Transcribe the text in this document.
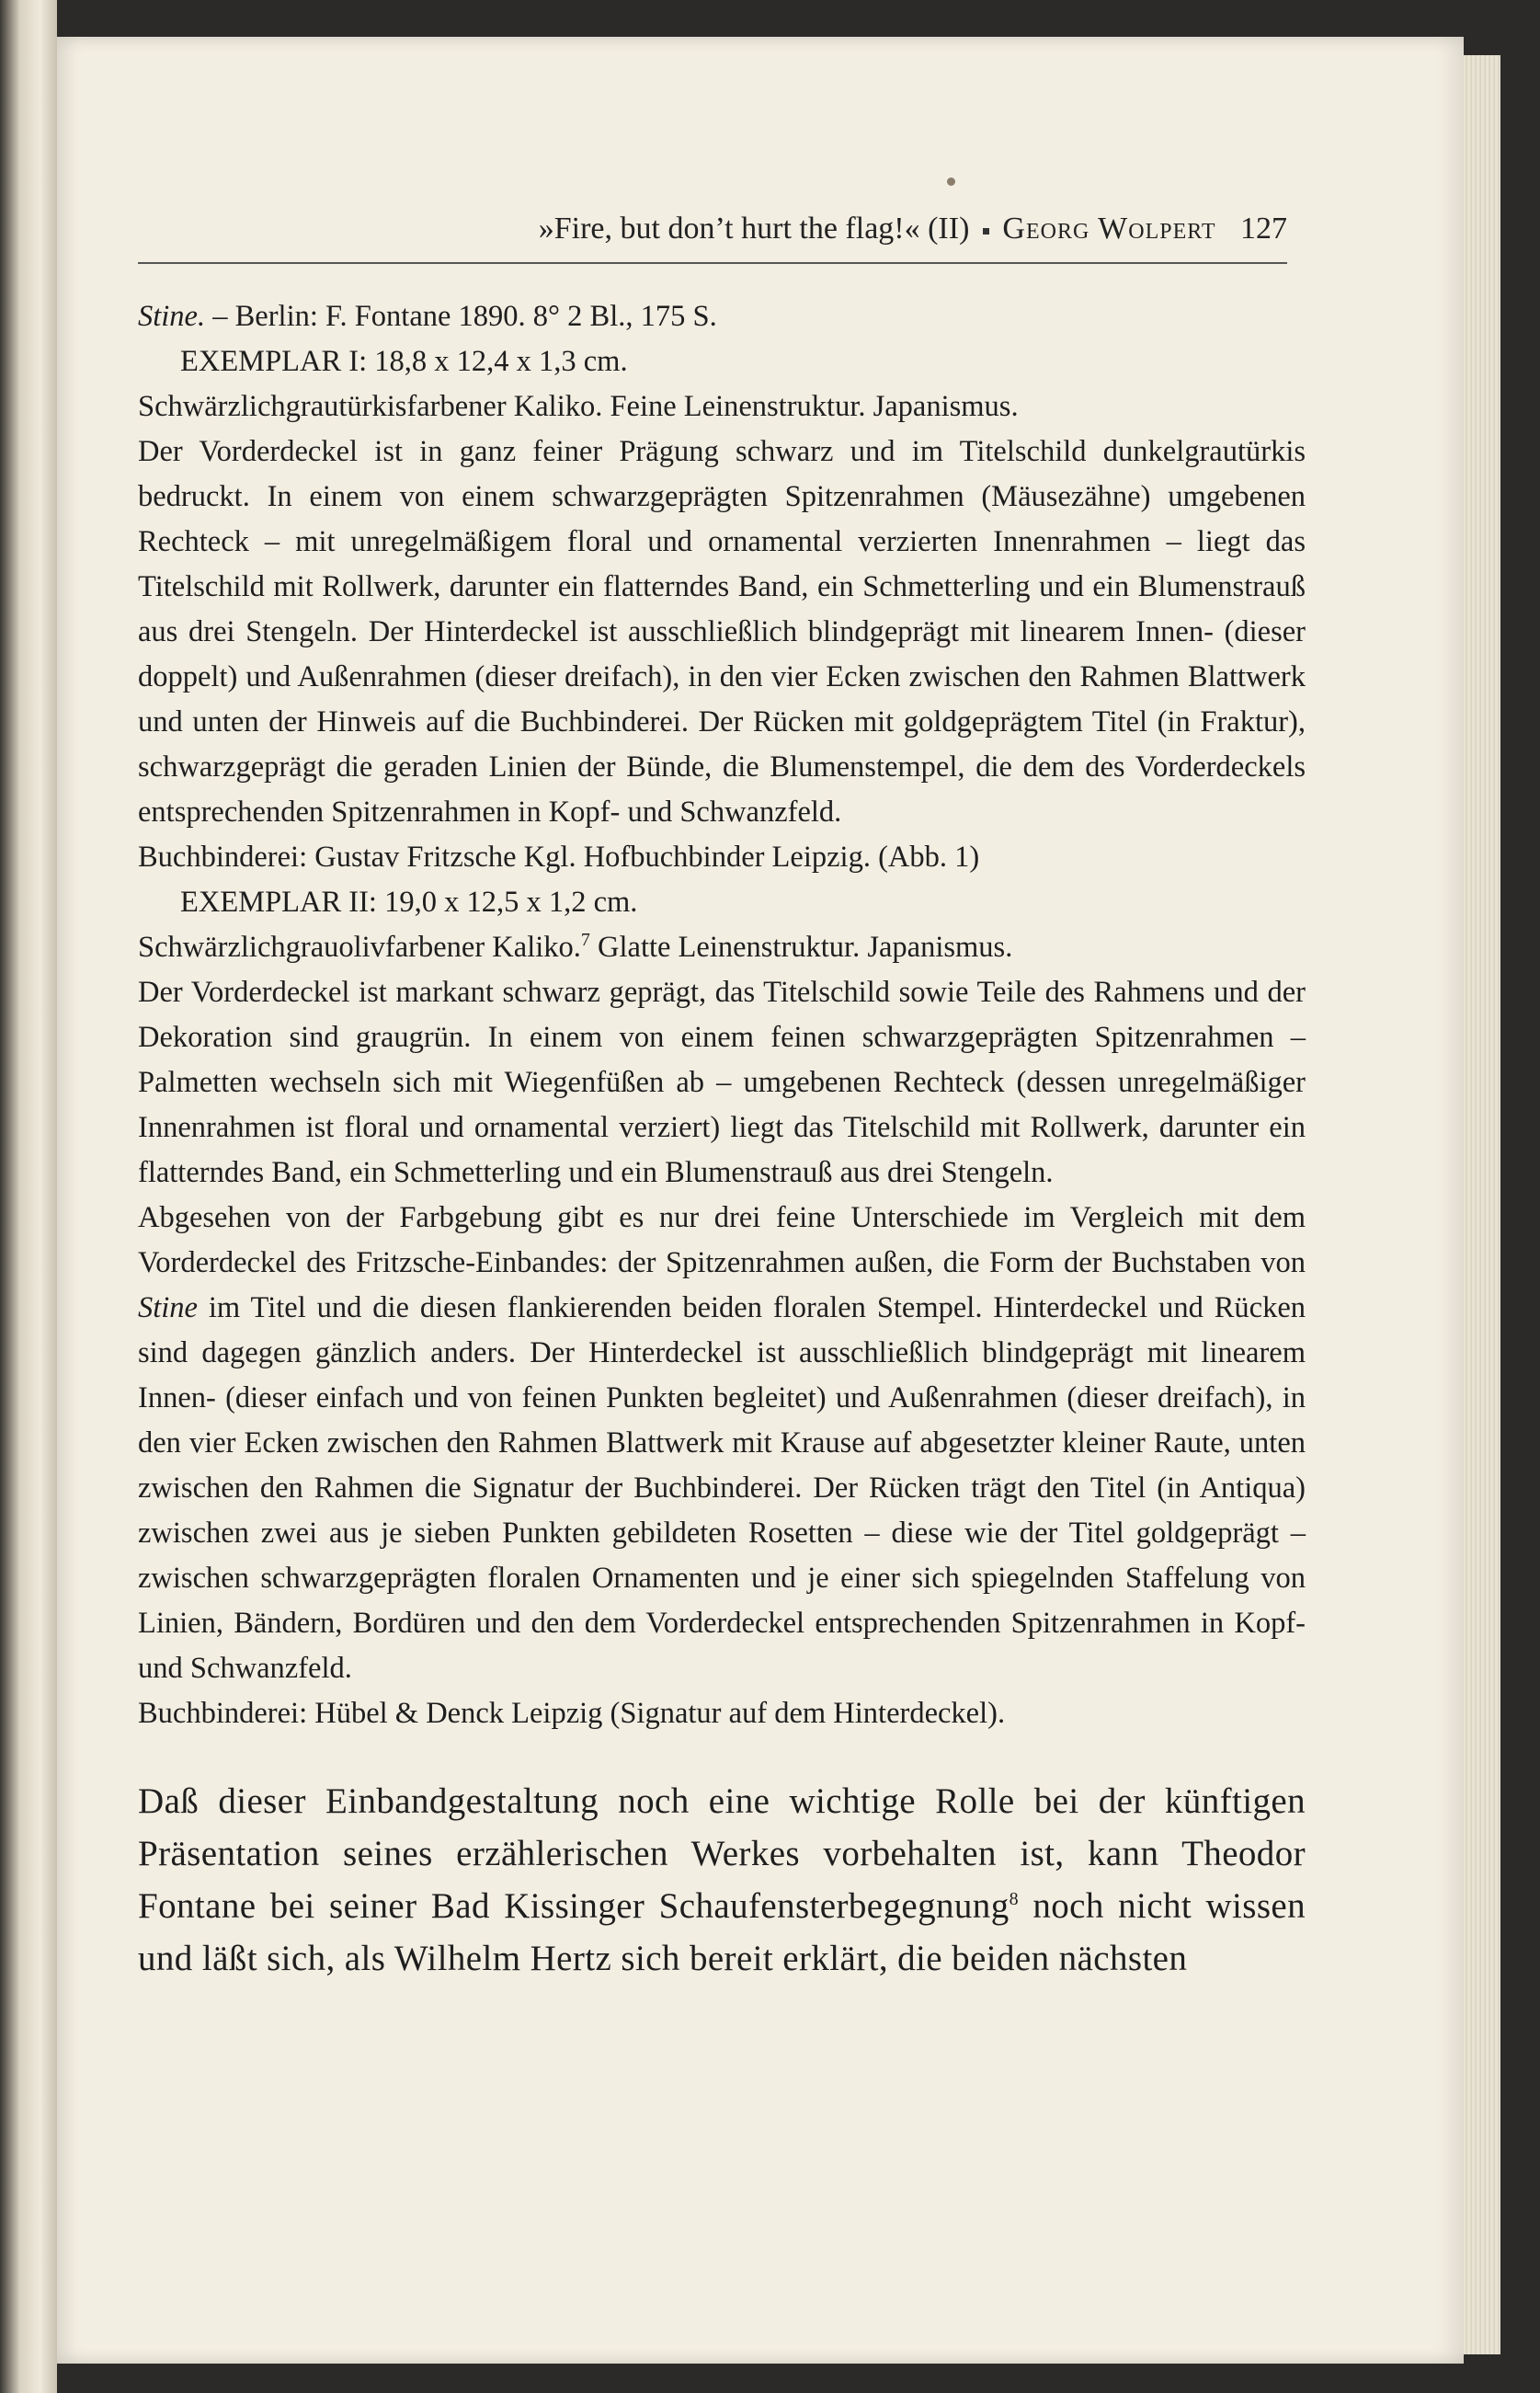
»Fire, but don’t hurt the flag!« (II) Georg Wolpert 127

Stine. – Berlin: F. Fontane 1890. 8° 2 Bl., 175 S.

EXEMPLAR I: 18,8 x 12,4 x 1,3 cm.

Schwärzlichgrautürkisfarbener Kaliko. Feine Leinenstruktur. Japanismus.

Der Vorderdeckel ist in ganz feiner Prägung schwarz und im Titelschild dunkelgrautürkis bedruckt. In einem von einem schwarzgeprägten Spitzenrahmen (Mäusezähne) umgebenen Rechteck – mit unregelmäßigem floral und ornamental verzierten Innenrahmen – liegt das Titelschild mit Rollwerk, darunter ein flatterndes Band, ein Schmetterling und ein Blumenstrauß aus drei Stengeln. Der Hinterdeckel ist ausschließlich blindgeprägt mit linearem Innen- (dieser doppelt) und Außenrahmen (dieser dreifach), in den vier Ecken zwischen den Rahmen Blattwerk und unten der Hinweis auf die Buchbinderei. Der Rücken mit goldgeprägtem Titel (in Fraktur), schwarzgeprägt die geraden Linien der Bünde, die Blumenstempel, die dem des Vorderdeckels entsprechenden Spitzenrahmen in Kopf- und Schwanzfeld.

Buchbinderei: Gustav Fritzsche Kgl. Hofbuchbinder Leipzig. (Abb. 1)

EXEMPLAR II: 19,0 x 12,5 x 1,2 cm.

Schwärzlichgrauolivfarbener Kaliko.$^7$ Glatte Leinenstruktur. Japanismus.

Der Vorderdeckel ist markant schwarz geprägt, das Titelschild sowie Teile des Rahmens und der Dekoration sind graugrün. In einem von einem feinen schwarzgeprägten Spitzenrahmen – Palmetten wechseln sich mit Wiegenfüßen ab – umgebenen Rechteck (dessen unregelmäßiger Innenrahmen ist floral und ornamental verziert) liegt das Titelschild mit Rollwerk, darunter ein flatterndes Band, ein Schmetterling und ein Blumenstrauß aus drei Stengeln.

Abgesehen von der Farbgebung gibt es nur drei feine Unterschiede im Vergleich mit dem Vorderdeckel des Fritzsche-Einbandes: der Spitzenrahmen außen, die Form der Buchstaben von Stine im Titel und die diesen flankierenden beiden floralen Stempel. Hinterdeckel und Rücken sind dagegen gänzlich anders. Der Hinterdeckel ist ausschließlich blindgeprägt mit linearem Innen- (dieser einfach und von feinen Punkten begleitet) und Außenrahmen (dieser dreifach), in den vier Ecken zwischen den Rahmen Blattwerk mit Krause auf abgesetzter kleiner Raute, unten zwischen den Rahmen die Signatur der Buchbinderei. Der Rücken trägt den Titel (in Antiqua) zwischen zwei aus je sieben Punkten gebildeten Rosetten – diese wie der Titel goldgeprägt – zwischen schwarzgeprägten floralen Ornamenten und je einer sich spiegelnden Staffelung von Linien, Bändern, Bordüren und den dem Vorderdeckel entsprechenden Spitzenrahmen in Kopf- und Schwanzfeld.

Buchbinderei: Hübel & Denck Leipzig (Signatur auf dem Hinterdeckel).

Daß dieser Einbandgestaltung noch eine wichtige Rolle bei der künftigen Präsentation seines erzählerischen Werkes vorbehalten ist, kann Theodor Fontane bei seiner Bad Kissinger Schaufensterbegegnung$^8$ noch nicht wissen und läßt sich, als Wilhelm Hertz sich bereit erklärt, die beiden nächsten
